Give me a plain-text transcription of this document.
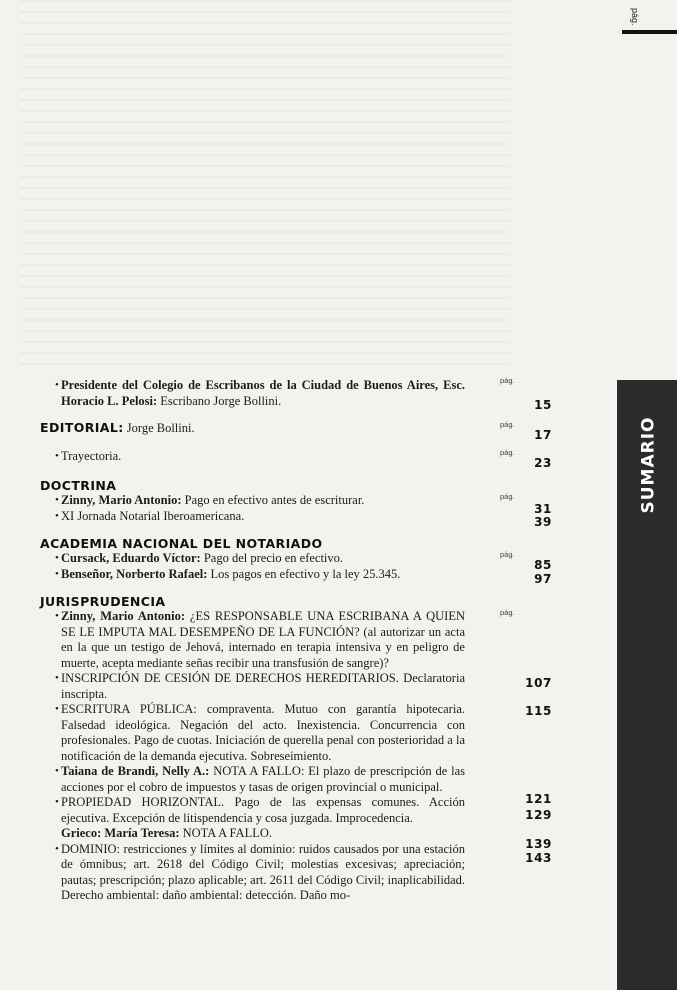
pág.
SUMARIO
• Presidente del Colegio de Escribanos de la Ciudad de Buenos Aires, Esc. Horacio L. Pelosi: Escribano Jorge Bollini.
EDITORIAL: Jorge Bollini.
• Trayectoria.
DOCTRINA
• Zinny, Mario Antonio: Pago en efectivo antes de escriturar.
• XI Jornada Notarial Iberoamericana.
ACADEMIA NACIONAL DEL NOTARIADO
• Cursack, Eduardo Víctor: Pago del precio en efectivo.
• Benseñor, Norberto Rafael: Los pagos en efectivo y la ley 25.345.
JURISPRUDENCIA
• Zinny, Mario Antonio: ¿ES RESPONSABLE UNA ESCRIBANA A QUIEN SE LE IMPUTA MAL DESEMPEÑO DE LA FUNCIÓN? (al autorizar un acta en la que un testigo de Jehová, internado en terapia intensiva y en peligro de muerte, acepta mediante señas recibir una transfusión de sangre)?
• INSCRIPCIÓN DE CESIÓN DE DERECHOS HEREDITARIOS. Declaratoria inscripta.
• ESCRITURA PÚBLICA: compraventa. Mutuo con garantía hipotecaria. Falsedad ideológica. Negación del acto. Inexistencia. Concurrencia con profesionales. Pago de cuotas. Iniciación de querella penal con posterioridad a la notificación de la demanda ejecutiva. Sobreseimiento.
• Taiana de Brandi, Nelly A.: NOTA A FALLO: El plazo de prescripción de las acciones por el cobro de impuestos y tasas de origen provincial o municipal.
• PROPIEDAD HORIZONTAL. Pago de las expensas comunes. Acción ejecutiva. Excepción de litispendencia y cosa juzgada. Improcedencia.
Grieco: María Teresa: NOTA A FALLO.
• DOMINIO: restricciones y límites al dominio: ruidos causados por una estación de ómnibus; art. 2618 del Código Civil; molestias excesivas; apreciación; pautas; prescripción; plazo aplicable; art. 2611 del Código Civil; inaplicabilidad. Derecho ambiental: daño ambiental: detección. Daño mo-
pág.
15
pág.
17
pág.
23
pág.
31
39
pág.
85
97
pág.
107
115
121
129
139
143
